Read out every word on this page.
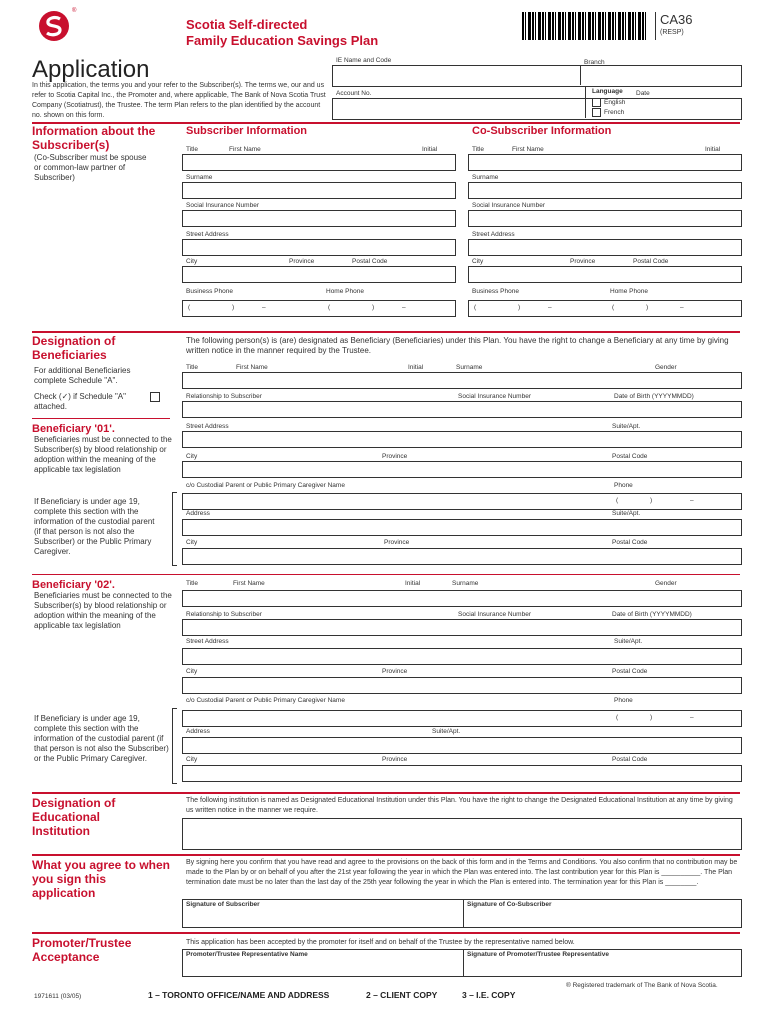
®
Scotia Self-directed
Family Education Savings Plan
CA36
(RESP)
Application
In this application, the terms you and your refer to the Subscriber(s). The terms we, our and us refer to Scotia Capital Inc., the Promoter and, where applicable, The Bank of Nova Scotia Trust Company (Scotiatrust), the Trustee. The term Plan refers to the plan identified by the account no. shown on this form.
IE Name and Code	Branch
Account No.	Language
English
French
Date
Information about the Subscriber(s)
(Co-Subscriber must be spouse or common-law partner of Subscriber)
Subscriber Information	Co-Subscriber Information
Title	First Name	Initial
Surname
Social Insurance Number
Street Address
City	Province	Postal Code
Business Phone	Home Phone
(	)	–	(	)	–
Title	First Name	Initial
Surname
Social Insurance Number
Street Address
City	Province	Postal Code
Business Phone	Home Phone
(	)	–	(	)	–
Designation of Beneficiaries
For additional Beneficiaries complete Schedule "A".
Check (✓) if Schedule "A" attached.
The following person(s) is (are) designated as Beneficiary (Beneficiaries) under this Plan. You have the right to change a Beneficiary at any time by giving written notice in the manner required by the Trustee.
Beneficiary '01'.
Beneficiaries must be connected to the Subscriber(s) by blood relationship or adoption within the meaning of the applicable tax legislation
If Beneficiary is under age 19, complete this section with the information of the custodial parent (if that person is not also the Subscriber) or the Public Primary Caregiver.
Title	First Name	Initial	Surname	Gender
Relationship to Subscriber	Social Insurance Number	Date of Birth (YYYYMMDD)
Street Address	Suite/Apt.
City	Province	Postal Code
c/o Custodial Parent or Public Primary Caregiver Name	Phone
(	)	–
Address	Suite/Apt.
City	Province	Postal Code
Beneficiary '02'.
Beneficiaries must be connected to the Subscriber(s) by blood relationship or adoption within the meaning of the applicable tax legislation
If Beneficiary is under age 19, complete this section with the information of the custodial parent (if that person is not also the Subscriber) or the Public Primary Caregiver.
Title	First Name	Initial	Surname	Gender
Relationship to Subscriber	Social Insurance Number	Date of Birth (YYYYMMDD)
Street Address	Suite/Apt.
City	Province	Postal Code
c/o Custodial Parent or Public Primary Caregiver Name	Phone
(	)	–
Address	Suite/Apt.
City	Province	Postal Code
Designation of Educational Institution
The following institution is named as Designated Educational Institution under this Plan. You have the right to change the Designated Educational Institution at any time by giving us written notice in the manner we require.
What you agree to when you sign this application
By signing here you confirm that you have read and agree to the provisions on the back of this form and in the Terms and Conditions. You also confirm that no contribution may be made to the Plan by or on behalf of you after the 21st year following the year in which the Plan was entered into. The last contribution year for this Plan is __________. The Plan termination date must be no later than the last day of the 25th year following the year in which the Plan is entered into. The termination year for this Plan is ________.
Signature of Subscriber	Signature of Co-Subscriber
Promoter/Trustee Acceptance
This application has been accepted by the promoter for itself and on behalf of the Trustee by the representative named below.
Promoter/Trustee Representative Name	Signature of Promoter/Trustee Representative
® Registered trademark of The Bank of Nova Scotia.
1971611 (03/05)	1 – TORONTO OFFICE/NAME AND ADDRESS	2 – CLIENT COPY	3 – I.E. COPY
